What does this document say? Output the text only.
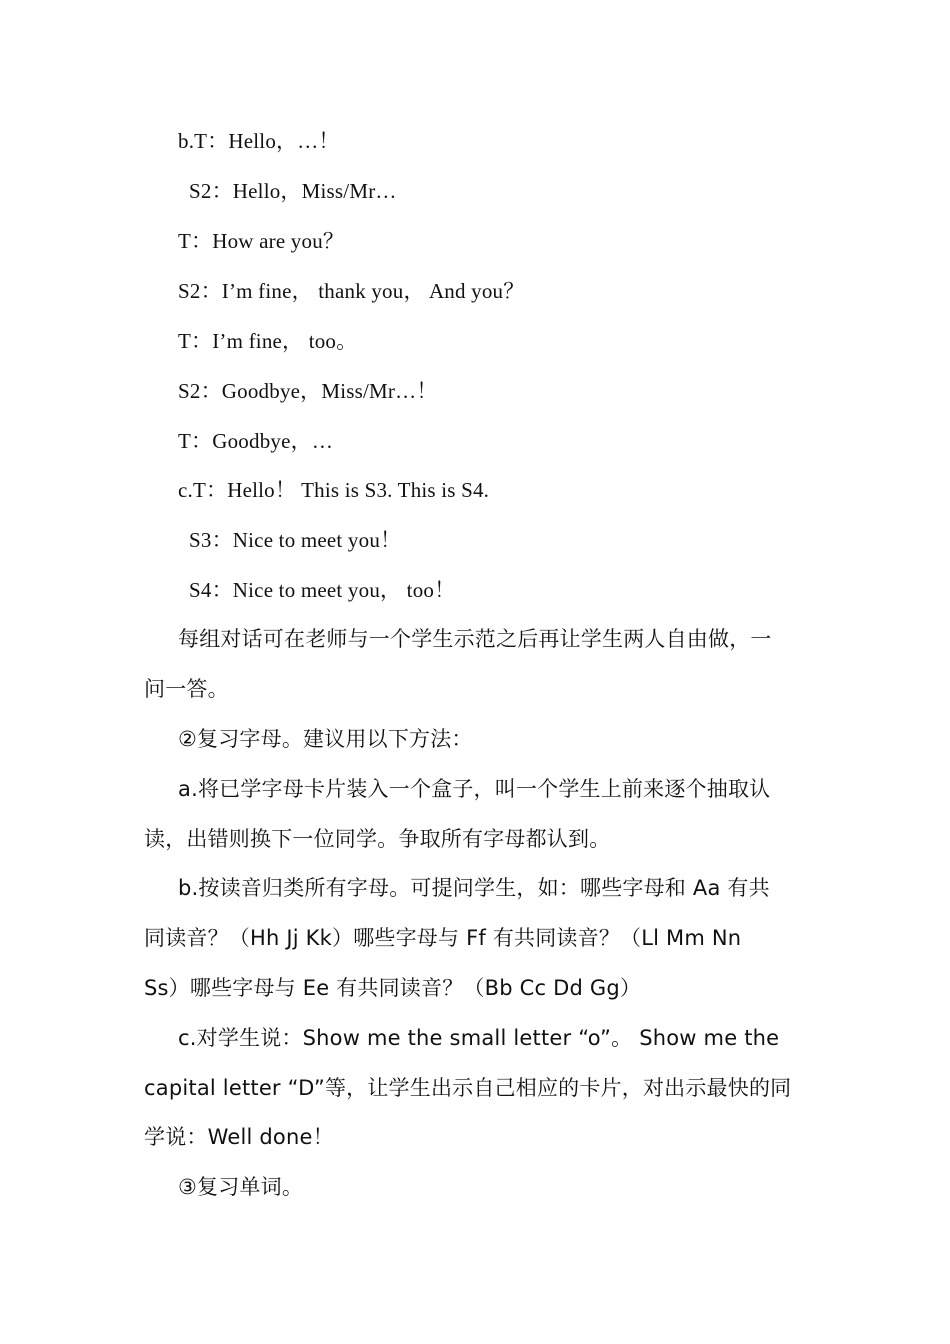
b.T：Hello，…！
S2：Hello，Miss/Mr…
T：How are you？
S2：I’m fine， thank you， And you？
T：I’m fine， too。
S2：Goodbye，Miss/Mr…！
T：Goodbye，…
c.T：Hello！ This is S3. This is S4.
S3：Nice to meet you！
S4：Nice to meet you， too！
每组对话可在老师与一个学生示范之后再让学生两人自由做，一
问一答。
②复习字母。建议用以下方法：
a.将已学字母卡片装入一个盒子，叫一个学生上前来逐个抽取认
读，出错则换下一位同学。争取所有字母都认到。
b.按读音归类所有字母。可提问学生，如：哪些字母和 Aa 有共
同读音？（Hh Jj Kk）哪些字母与 Ff 有共同读音？（Ll Mm Nn
Ss）哪些字母与 Ee 有共同读音？（Bb Cc Dd Gg）
c.对学生说：Show me the small letter “o”。 Show me the
capital letter “D”等，让学生出示自己相应的卡片，对出示最快的同
学说：Well done！
③复习单词。
